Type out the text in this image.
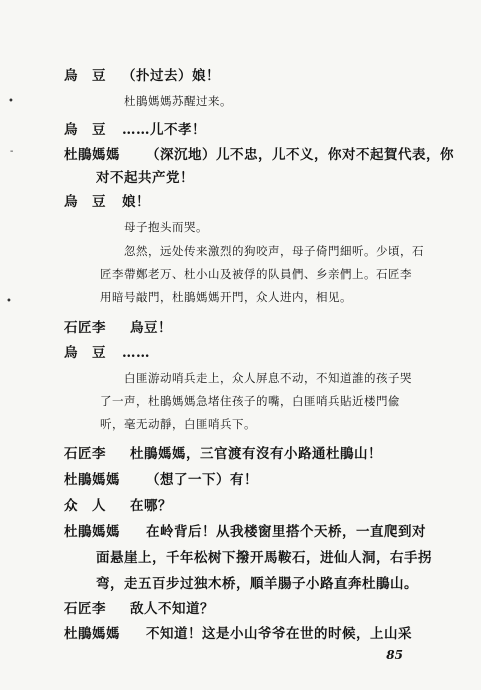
烏　豆 （扑过去）娘！
杜鵑媽媽苏醒过来。
烏　豆 ……儿不孝！
杜鵑媽媽 （深沉地）儿不忠，儿不义，你对不起賀代表，你
对不起共产党！
烏　豆 娘！
母子抱头而哭。
忽然，远处传来激烈的狗咬声，母子倚門細听。少頃，石
匠李帶鄭老万、杜小山及被俘的队員們、乡亲們上。石匠李
用暗号敲門，杜鵑媽媽开門，众人进内，相见。
石匠李 烏豆！
烏　豆 ……
白匪游动哨兵走上，众人屏息不动，不知道誰的孩子哭
了一声，杜鵑媽媽急堵住孩子的嘴，白匪哨兵貼近楼門偸
听，毫无动靜，白匪哨兵下。
石匠李 杜鵑媽媽，三官渡有沒有小路通杜鵑山！
杜鵑媽媽 （想了一下）有！
众　人 在哪？
杜鵑媽媽 在岭背后！从我楼窗里搭个天桥，一直爬到对
面悬崖上，千年松树下撥开馬鞍石，进仙人洞，右手拐
弯，走五百步过独木桥，順羊腸子小路直奔杜鵑山。
石匠李 敌人不知道？
杜鵑媽媽 不知道！这是小山爷爷在世的时候，上山采
•
-
•
85
